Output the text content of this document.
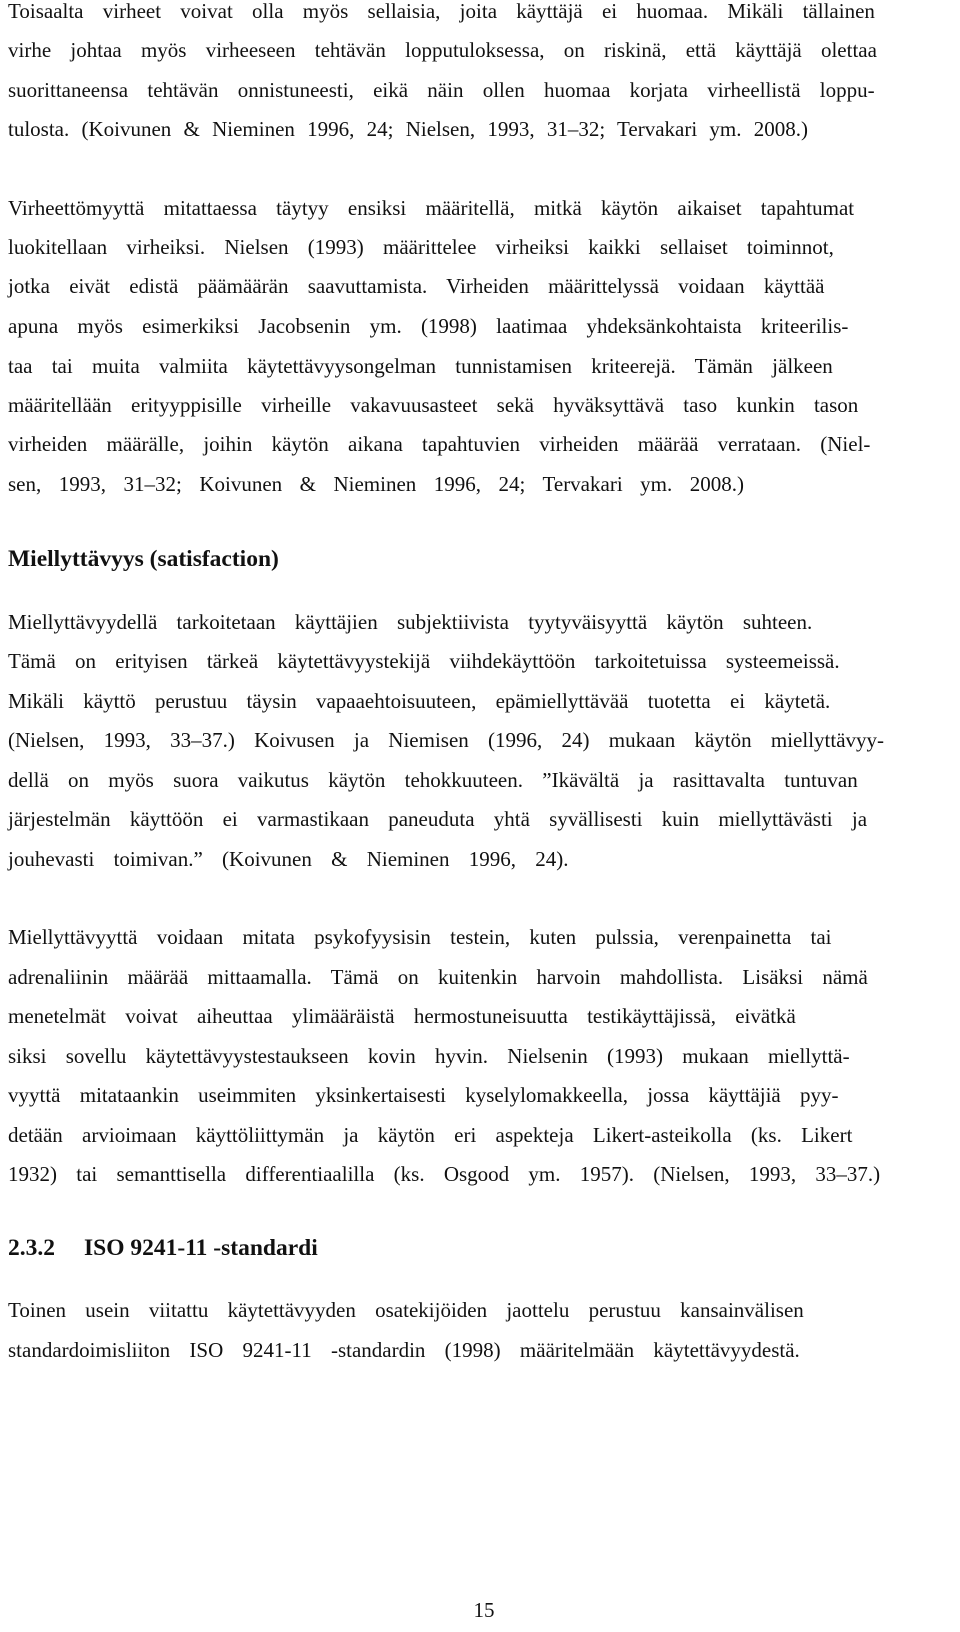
Toisaalta virheet voivat olla myös sellaisia, joita käyttäjä ei huomaa. Mikäli tällainen
virhe johtaa myös virheeseen tehtävän lopputuloksessa, on riskinä, että käyttäjä olettaa
suorittaneensa tehtävän onnistuneesti, eikä näin ollen huomaa korjata virheellistä loppu-
tulosta. (Koivunen & Nieminen 1996, 24; Nielsen, 1993, 31–32; Tervakari ym. 2008.)
Virheettömyyttä mitattaessa täytyy ensiksi määritellä, mitkä käytön aikaiset tapahtumat
luokitellaan virheiksi. Nielsen (1993) määrittelee virheiksi kaikki sellaiset toiminnot,
jotka eivät edistä päämäärän saavuttamista. Virheiden määrittelyssä voidaan käyttää
apuna myös esimerkiksi Jacobsenin ym. (1998) laatimaa yhdeksänkohtaista kriteerilis-
taa tai muita valmiita käytettävyysongelman tunnistamisen kriteerejä. Tämän jälkeen
määritellään erityyppisille virheille vakavuusasteet sekä hyväksyttävä taso kunkin tason
virheiden määrälle, joihin käytön aikana tapahtuvien virheiden määrää verrataan. (Niel-
sen, 1993, 31–32; Koivunen & Nieminen 1996, 24; Tervakari ym. 2008.)
Miellyttävyys (satisfaction)
Miellyttävyydellä tarkoitetaan käyttäjien subjektiivista tyytyväisyyttä käytön suhteen.
Tämä on erityisen tärkeä käytettävyystekijä viihdekäyttöön tarkoitetuissa systeemeissä.
Mikäli käyttö perustuu täysin vapaaehtoisuuteen, epämiellyttävää tuotetta ei käytetä.
(Nielsen, 1993, 33–37.) Koivusen ja Niemisen (1996, 24) mukaan käytön miellyttävyy-
dellä on myös suora vaikutus käytön tehokkuuteen. ”Ikävältä ja rasittavalta tuntuvan
järjestelmän käyttöön ei varmastikaan paneuduta yhtä syvällisesti kuin miellyttävästi ja
jouhevasti toimivan.” (Koivunen & Nieminen 1996, 24).
Miellyttävyyttä voidaan mitata psykofyysisin testein, kuten pulssia, verenpainetta tai
adrenaliinin määrää mittaamalla. Tämä on kuitenkin harvoin mahdollista. Lisäksi nämä
menetelmät voivat aiheuttaa ylimääräistä hermostuneisuutta testikäyttäjissä, eivätkä
siksi sovellu käytettävyystestaukseen kovin hyvin. Nielsenin (1993) mukaan miellyttä-
vyyttä mitataankin useimmiten yksinkertaisesti kyselylomakkeella, jossa käyttäjiä pyy-
detään arvioimaan käyttöliittymän ja käytön eri aspekteja Likert-asteikolla (ks. Likert
1932) tai semanttisella differentiaalilla (ks. Osgood ym. 1957). (Nielsen, 1993, 33–37.)
2.3.2 ISO 9241-11 -standardi
Toinen usein viitattu käytettävyyden osatekijöiden jaottelu perustuu kansainvälisen
standardoimisliiton ISO 9241-11 -standardin (1998) määritelmään käytettävyydestä.
15
